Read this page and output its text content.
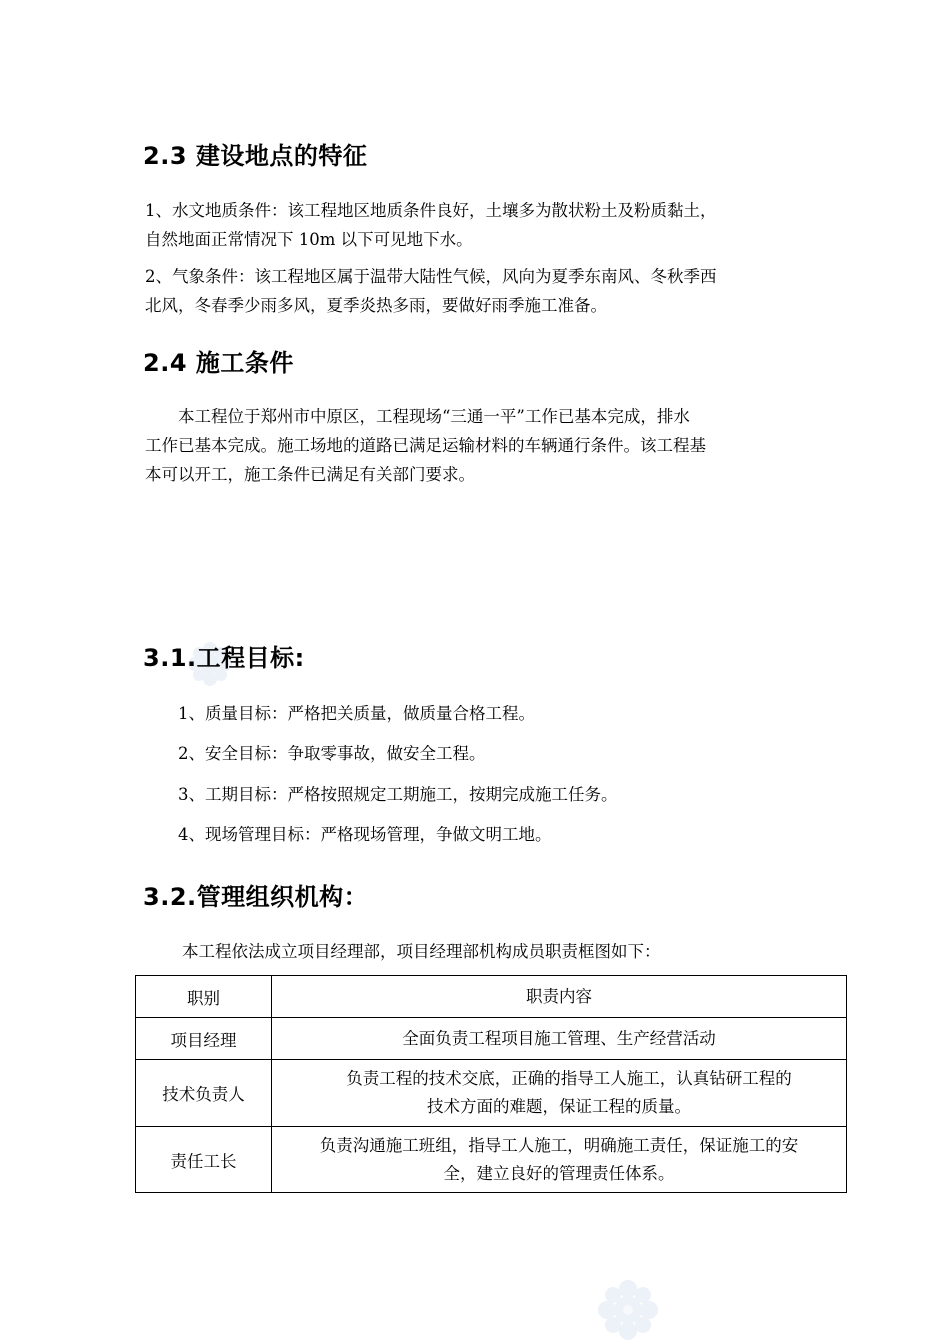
2.3 建设地点的特征
1、水文地质条件：该工程地区地质条件良好，土壤多为散状粉土及粉质黏土，
自然地面正常情况下 10m 以下可见地下水。
2、气象条件：该工程地区属于温带大陆性气候，风向为夏季东南风、冬秋季西
北风，冬春季少雨多风，夏季炎热多雨，要做好雨季施工准备。
2.4 施工条件
本工程位于郑州市中原区，工程现场“三通一平”工作已基本完成，排水
工作已基本完成。施工场地的道路已满足运输材料的车辆通行条件。该工程基
本可以开工，施工条件已满足有关部门要求。
3.1.工程目标:
1、质量目标：严格把关质量，做质量合格工程。
2、安全目标：争取零事故，做安全工程。
3、工期目标：严格按照规定工期施工，按期完成施工任务。
4、现场管理目标：严格现场管理，争做文明工地。
3.2.管理组织机构：
本工程依法成立项目经理部，项目经理部机构成员职责框图如下：
职别	职责内容
项目经理	全面负责工程项目施工管理、生产经营活动

技术负责人	负责工程的技术交底，正确的指导工人施工，认真钻研工程的
技术方面的难题，保证工程的质量。

责任工长	负责沟通施工班组，指导工人施工，明确施工责任，保证施工的安
全，建立良好的管理责任体系。
